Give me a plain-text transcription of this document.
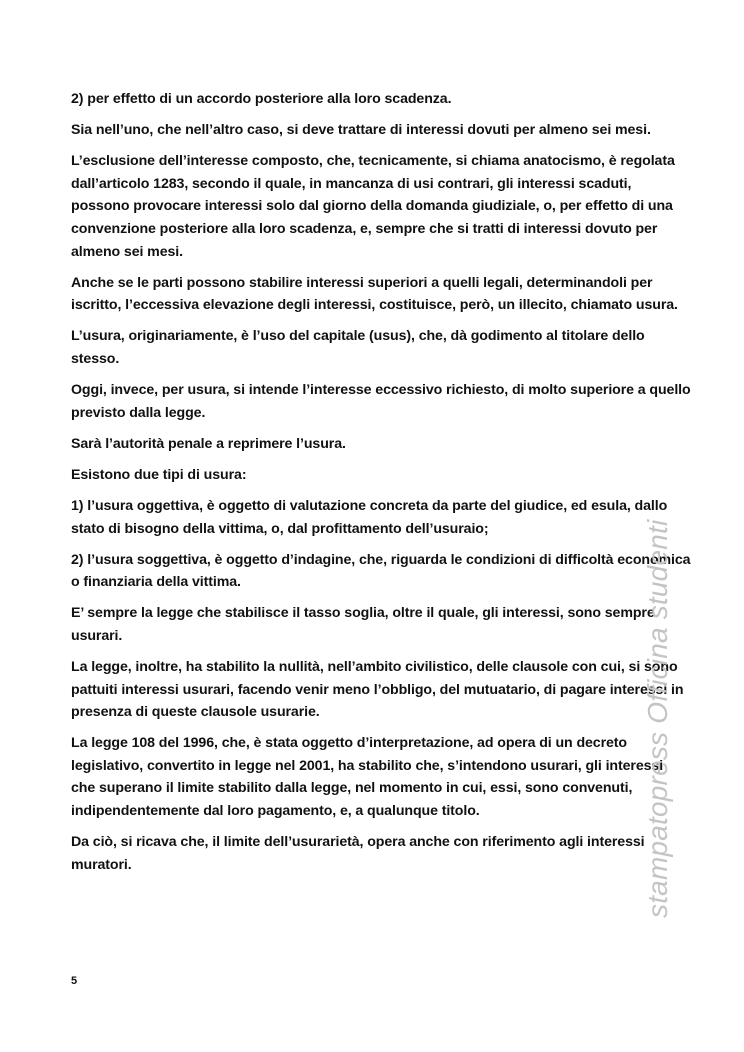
2) per effetto di un accordo posteriore alla loro scadenza.

Sia nell’uno, che nell’altro caso, si deve trattare di interessi dovuti per almeno sei mesi.

L’esclusione dell’interesse composto, che, tecnicamente, si chiama anatocismo, è regolata dall’articolo 1283, secondo il quale, in mancanza di usi contrari, gli interessi scaduti, possono provocare interessi solo dal giorno della domanda giudiziale, o, per effetto di una convenzione posteriore alla loro scadenza, e, sempre che si tratti di interessi dovuto per almeno sei mesi.

Anche se le parti possono stabilire interessi superiori a quelli legali, determinandoli per iscritto, l’eccessiva elevazione degli interessi, costituisce, però, un illecito, chiamato usura.

L’usura, originariamente, è l’uso del capitale (usus), che, dà godimento al titolare dello stesso.

Oggi, invece, per usura, si intende l’interesse eccessivo richiesto, di molto superiore a quello previsto dalla legge.

Sarà l’autorità penale a reprimere l’usura.

Esistono due tipi di usura:

1) l’usura oggettiva, è oggetto di valutazione concreta da parte del giudice, ed esula, dallo stato di bisogno della vittima, o, dal profittamento dell’usuraio;

2) l’usura soggettiva, è oggetto d’indagine, che, riguarda le condizioni di difficoltà economica o finanziaria della vittima.

E’ sempre la legge che stabilisce il tasso soglia, oltre il quale, gli interessi, sono sempre usurari.

La legge, inoltre, ha stabilito la nullità, nell’ambito civilistico, delle clausole con cui, si sono pattuiti interessi usurari, facendo venir meno l’obbligo, del mutuatario, di pagare interessi in presenza di queste clausole usurarie.

La legge 108 del 1996, che, è stata oggetto d’interpretazione, ad opera di un decreto legislativo, convertito in legge nel 2001, ha stabilito che, s’intendono usurari, gli interessi che superano il limite stabilito dalla legge, nel momento in cui, essi, sono convenuti, indipendentemente dal loro pagamento, e, a qualunque titolo.

Da ciò, si ricava che, il limite dell’usurarietà, opera anche con riferimento agli interessi muratori.	stampatopress Officina studenti
5
